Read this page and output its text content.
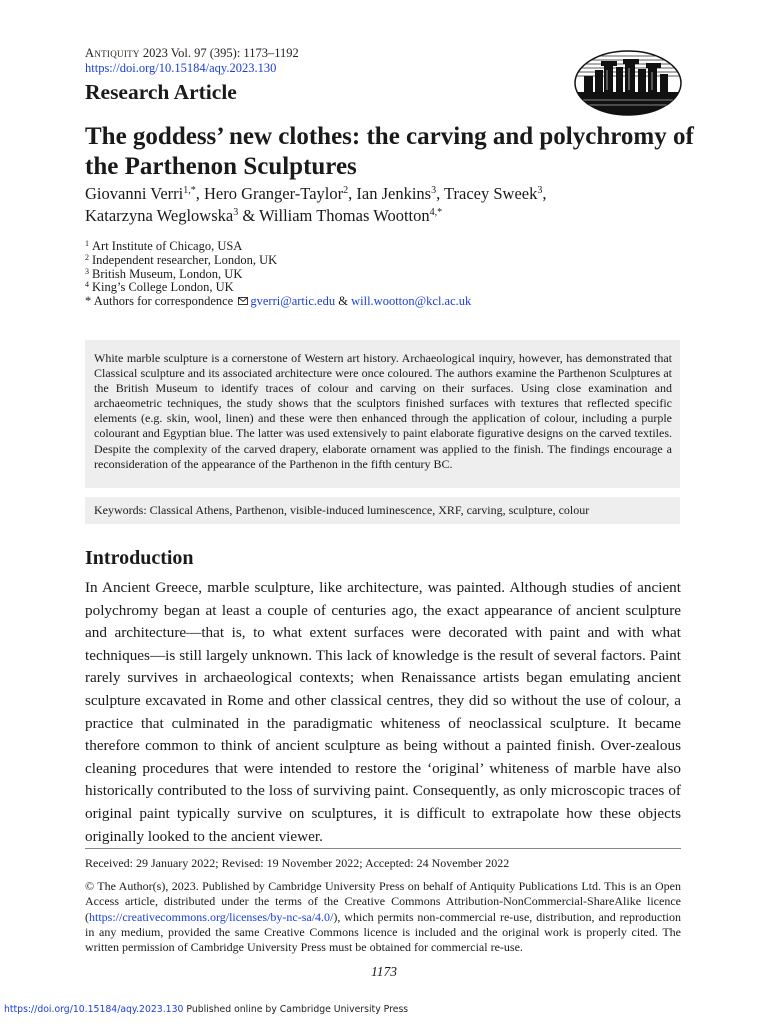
Antiquity 2023 Vol. 97 (395): 1173–1192
https://doi.org/10.15184/aqy.2023.130
Research Article
The goddess’ new clothes: the carving and polychromy of the Parthenon Sculptures
Giovanni Verri$^{1,*}$, Hero Granger-Taylor$^2$, Ian Jenkins$^3$, Tracey Sweek$^3$,
Katarzyna Weglowska$^3$ & William Thomas Wootton$^{4,*}$
$^1$ Art Institute of Chicago, USA
$^2$ Independent researcher, London, UK
$^3$ British Museum, London, UK
$^4$ King’s College London, UK
* Authors for correspondence gverri@artic.edu & will.wootton@kcl.ac.uk

White marble sculpture is a cornerstone of Western art history. Archaeological inquiry, however, has demonstrated that Classical sculpture and its associated architecture were once coloured. The authors examine the Parthenon Sculptures at the British Museum to identify traces of colour and carving on their surfaces. Using close examination and archaeometric techniques, the study shows that the sculptors finished surfaces with textures that reflected specific elements (e.g. skin, wool, linen) and these were then enhanced through the application of colour, including a purple colourant and Egyptian blue. The latter was used extensively to paint elaborate figurative designs on the carved textiles. Despite the complexity of the carved drapery, elaborate ornament was applied to the finish. The findings encourage a reconsideration of the appearance of the Parthenon in the fifth century BC.

Keywords: Classical Athens, Parthenon, visible-induced luminescence, XRF, carving, sculpture, colour
Introduction

In Ancient Greece, marble sculpture, like architecture, was painted. Although studies of ancient polychromy began at least a couple of centuries ago, the exact appearance of ancient sculpture and architecture—that is, to what extent surfaces were decorated with paint and with what techniques—is still largely unknown. This lack of knowledge is the result of several factors. Paint rarely survives in archaeological contexts; when Renaissance artists began emulating ancient sculpture excavated in Rome and other classical centres, they did so without the use of colour, a practice that culminated in the paradigmatic whiteness of neoclassical sculpture. It became therefore common to think of ancient sculpture as being without a painted finish. Over-zealous cleaning procedures that were intended to restore the ‘original’ whiteness of marble have also historically contributed to the loss of surviving paint. Consequently, as only microscopic traces of original paint typically survive on sculptures, it is difficult to extrapolate how these objects originally looked to the ancient viewer.

Received: 29 January 2022; Revised: 19 November 2022; Accepted: 24 November 2022

© The Author(s), 2023. Published by Cambridge University Press on behalf of Antiquity Publications Ltd. This is an Open Access article, distributed under the terms of the Creative Commons Attribution-NonCommercial-ShareAlike licence (https://creativecommons.org/licenses/by-nc-sa/4.0/), which permits non-commercial re-use, distribution, and reproduction in any medium, provided the same Creative Commons licence is included and the original work is properly cited. The written permission of Cambridge University Press must be obtained for commercial re-use.

1173
https://doi.org/10.15184/aqy.2023.130 Published online by Cambridge University Press
